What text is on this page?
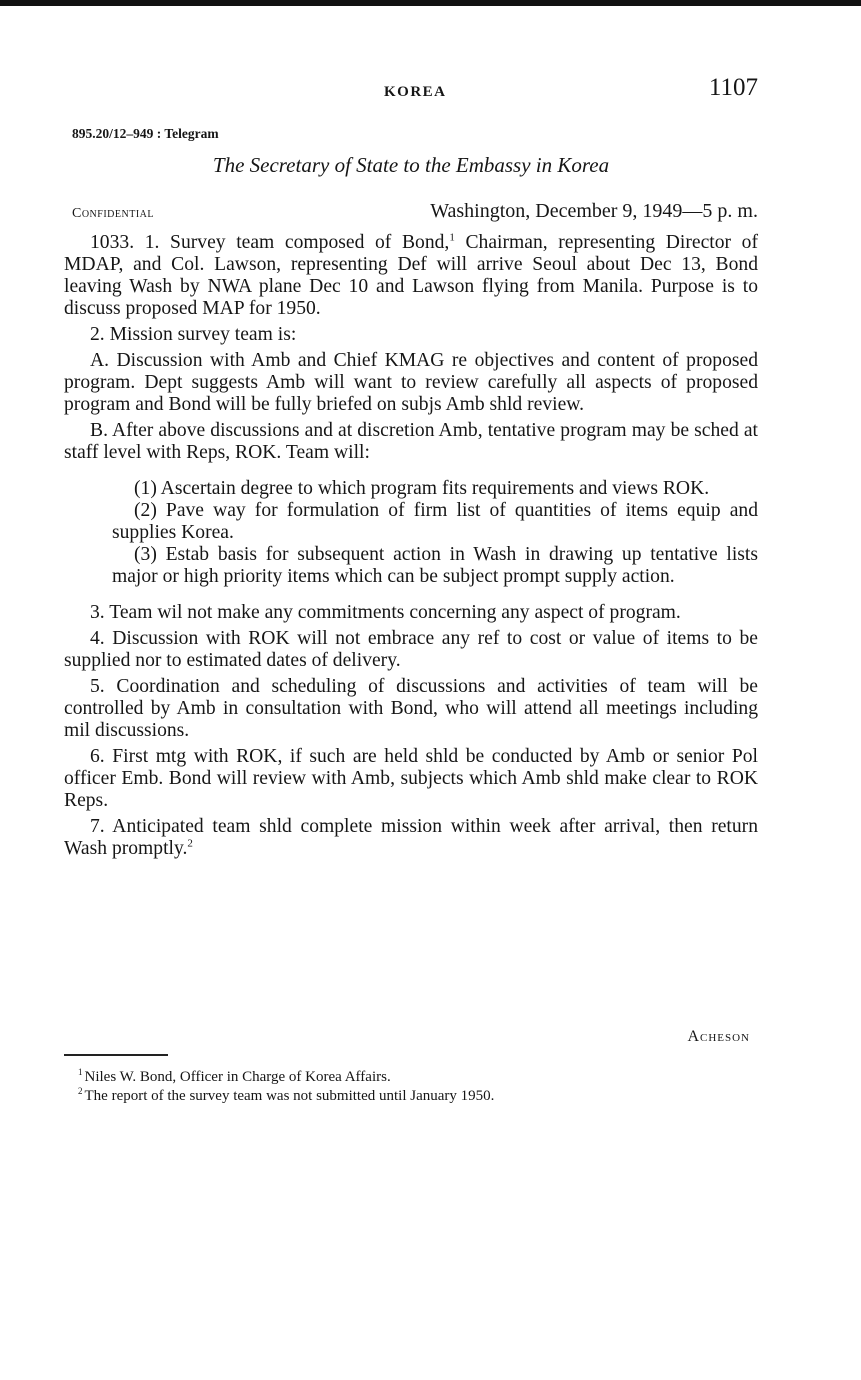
KOREA	1107
895.20/12–949 : Telegram
The Secretary of State to the Embassy in Korea
Confidential	Washington, December 9, 1949—5 p. m.

1033. 1. Survey team composed of Bond,$^1$ Chairman, representing Director of MDAP, and Col. Lawson, representing Def will arrive Seoul about Dec 13, Bond leaving Wash by NWA plane Dec 10 and Lawson flying from Manila. Purpose is to discuss proposed MAP for 1950.

2. Mission survey team is:

A. Discussion with Amb and Chief KMAG re objectives and content of proposed program. Dept suggests Amb will want to review carefully all aspects of proposed program and Bond will be fully briefed on subjs Amb shld review.

B. After above discussions and at discretion Amb, tentative program may be sched at staff level with Reps, ROK. Team will:

(1) Ascertain degree to which program fits requirements and views ROK.

(2) Pave way for formulation of firm list of quantities of items equip and supplies Korea.

(3) Estab basis for subsequent action in Wash in drawing up tentative lists major or high priority items which can be subject prompt supply action.

3. Team wil not make any commitments concerning any aspect of program.

4. Discussion with ROK will not embrace any ref to cost or value of items to be supplied nor to estimated dates of delivery.

5. Coordination and scheduling of discussions and activities of team will be controlled by Amb in consultation with Bond, who will attend all meetings including mil discussions.

6. First mtg with ROK, if such are held shld be conducted by Amb or senior Pol officer Emb. Bond will review with Amb, subjects which Amb shld make clear to ROK Reps.

7. Anticipated team shld complete mission within week after arrival, then return Wash promptly.$^2$

Acheson

$^1$ Niles W. Bond, Officer in Charge of Korea Affairs.

$^2$ The report of the survey team was not submitted until January 1950.
